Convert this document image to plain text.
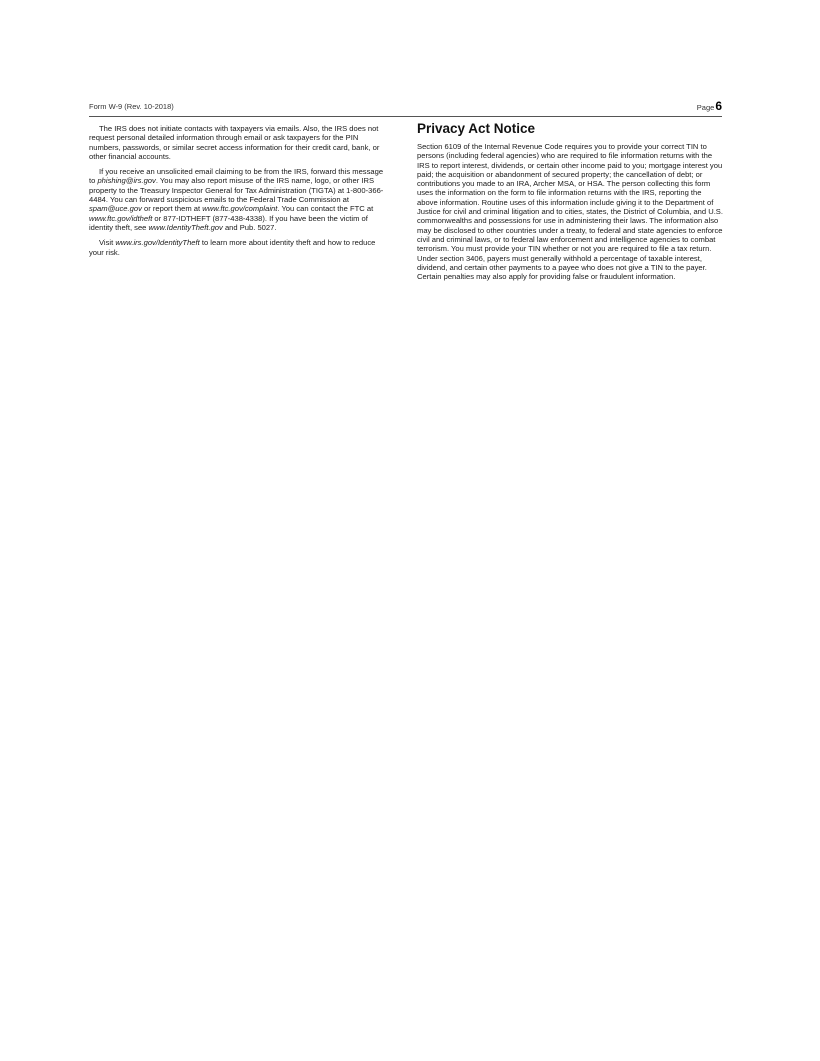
Form W-9 (Rev. 10-2018)	Page6

The IRS does not initiate contacts with taxpayers via emails. Also, the IRS does not request personal detailed information through email or ask taxpayers for the PIN numbers, passwords, or similar secret access information for their credit card, bank, or other financial accounts.

If you receive an unsolicited email claiming to be from the IRS, forward this message to phishing@irs.gov. You may also report misuse of the IRS name, logo, or other IRS property to the Treasury Inspector General for Tax Administration (TIGTA) at 1-800-366-4484. You can forward suspicious emails to the Federal Trade Commission at spam@uce.gov or report them at www.ftc.gov/complaint. You can contact the FTC at www.ftc.gov/idtheft or 877-IDTHEFT (877-438-4338). If you have been the victim of identity theft, see www.IdentityTheft.gov and Pub. 5027.

Visit www.irs.gov/IdentityTheft to learn more about identity theft and how to reduce your risk.

Privacy Act Notice

Section 6109 of the Internal Revenue Code requires you to provide your correct TIN to persons (including federal agencies) who are required to file information returns with the IRS to report interest, dividends, or certain other income paid to you; mortgage interest you paid; the acquisition or abandonment of secured property; the cancellation of debt; or contributions you made to an IRA, Archer MSA, or HSA. The person collecting this form uses the information on the form to file information returns with the IRS, reporting the above information. Routine uses of this information include giving it to the Department of Justice for civil and criminal litigation and to cities, states, the District of Columbia, and U.S. commonwealths and possessions for use in administering their laws. The information also may be disclosed to other countries under a treaty, to federal and state agencies to enforce civil and criminal laws, or to federal law enforcement and intelligence agencies to combat terrorism. You must provide your TIN whether or not you are required to file a tax return. Under section 3406, payers must generally withhold a percentage of taxable interest, dividend, and certain other payments to a payee who does not give a TIN to the payer. Certain penalties may also apply for providing false or fraudulent information.
